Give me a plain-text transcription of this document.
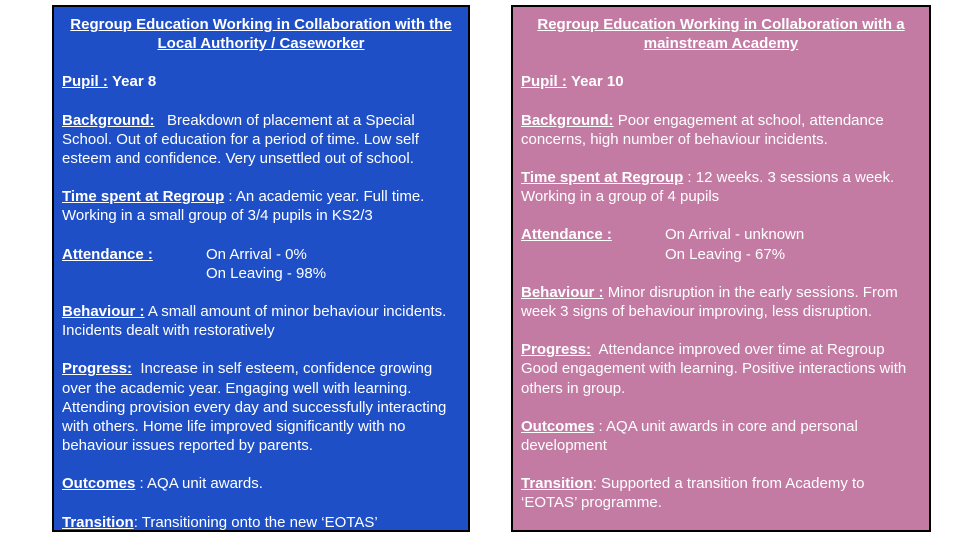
Regroup Education Working in Collaboration with the Local Authority / Caseworker
Pupil : Year 8
Background: Breakdown of placement at a Special School. Out of education for a period of time. Low self esteem and confidence. Very unsettled out of school.
Time spent at Regroup : An academic year. Full time. Working in a small group of 3/4 pupils in KS2/3
Attendance :	On Arrival - 0%
On Leaving - 98%
Behaviour : A small amount of minor behaviour incidents. Incidents dealt with restoratively
Progress: Increase in self esteem, confidence growing over the academic year. Engaging well with learning. Attending provision every day and successfully interacting with others. Home life improved significantly with no behaviour issues reported by parents.
Outcomes : AQA unit awards.
Transition: Transitioning onto the new ‘EOTAS’
Regroup Education Working in Collaboration with a mainstream Academy
Pupil : Year 10
Background: Poor engagement at school, attendance concerns, high number of behaviour incidents.
Time spent at Regroup : 12 weeks. 3 sessions a week. Working in a group of 4 pupils
Attendance :	On Arrival - unknown
On Leaving - 67%
Behaviour : Minor disruption in the early sessions. From week 3 signs of behaviour improving, less disruption.
Progress: Attendance improved over time at Regroup Good engagement with learning. Positive interactions with others in group.
Outcomes : AQA unit awards in core and personal development
Transition: Supported a transition from Academy to ‘EOTAS’ programme.
